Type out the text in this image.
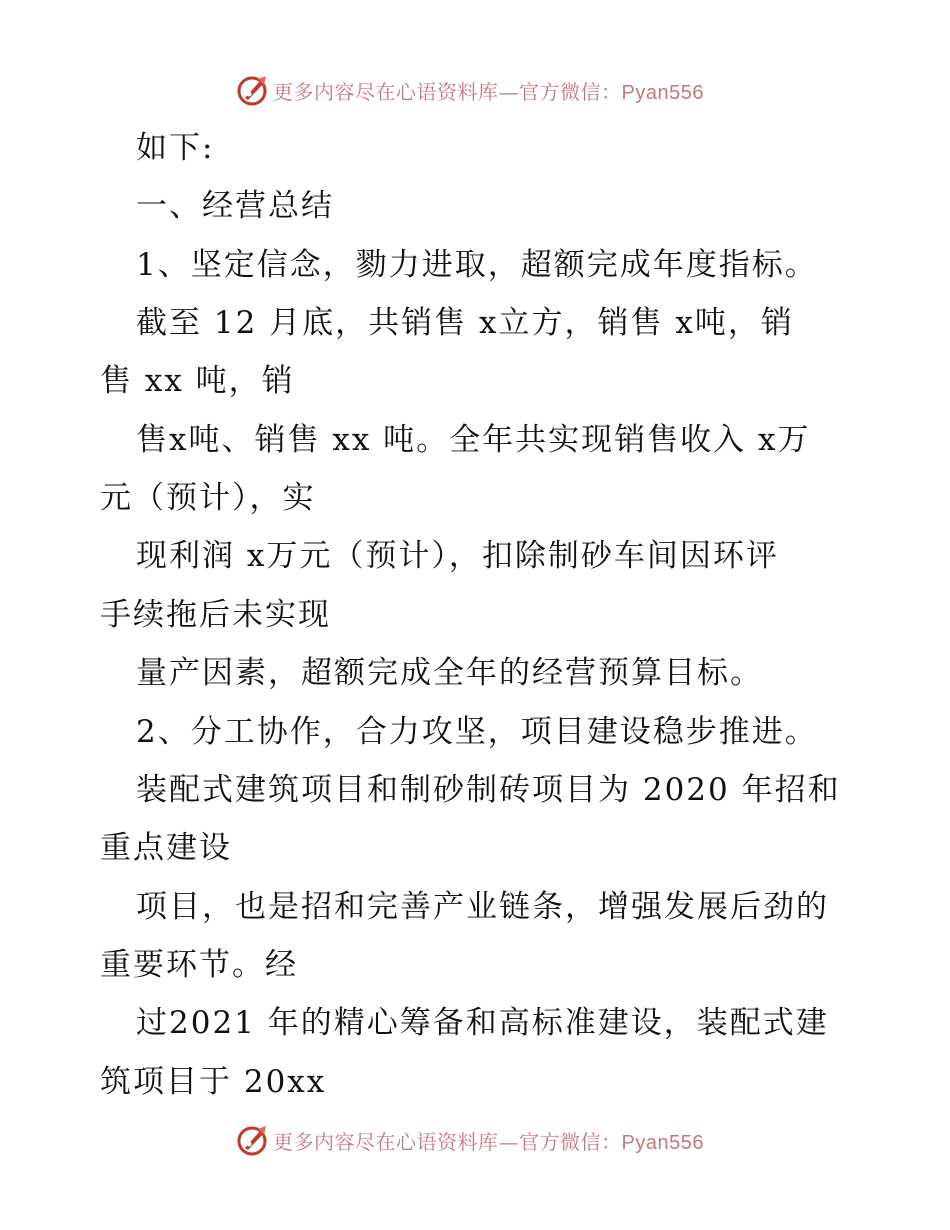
更多内容尽在心语资料库—官方微信：Pyan556
如下:
一、经营总结
1、坚定信念，勠力进取，超额完成年度指标。
截至 12 月底，共销售 x立方，销售 x吨，销
售 xx 吨，销
售x吨、销售 xx 吨。全年共实现销售收入 x万
元（预计），实
现利润 x万元（预计），扣除制砂车间因环评
手续拖后未实现
量产因素，超额完成全年的经营预算目标。
2、分工协作，合力攻坚，项目建设稳步推进。
装配式建筑项目和制砂制砖项目为 2020 年招和
重点建设
项目，也是招和完善产业链条，增强发展后劲的
重要环节。经
过2021 年的精心筹备和高标准建设，装配式建
筑项目于 20xx
更多内容尽在心语资料库—官方微信：Pyan556
